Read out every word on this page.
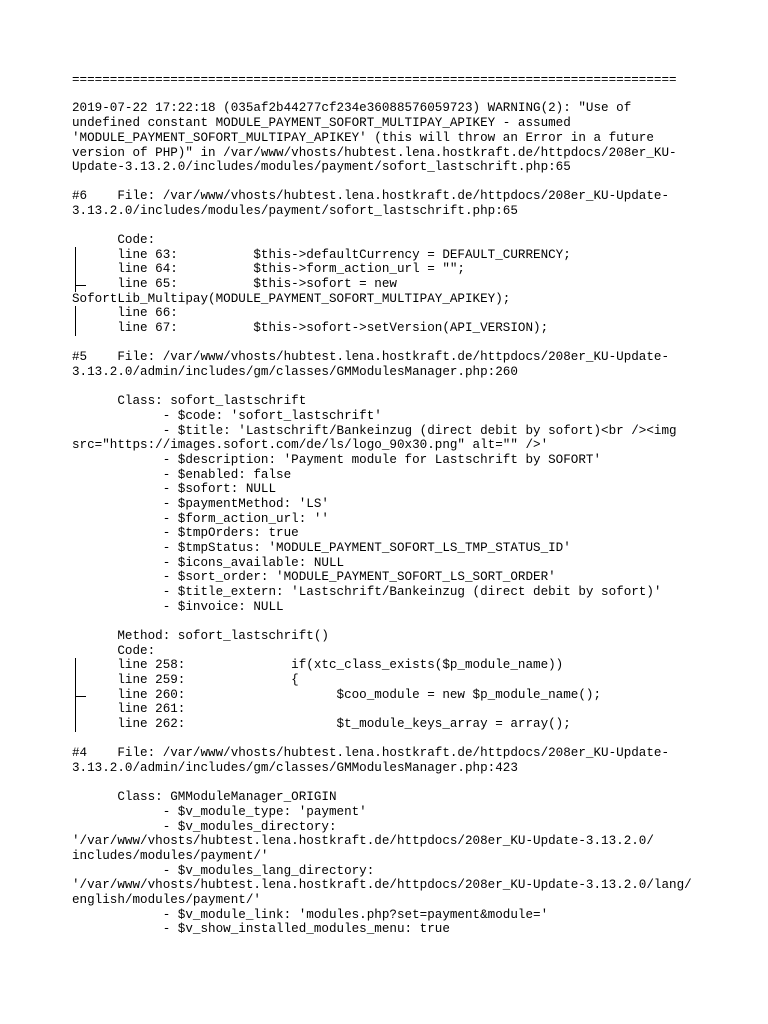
================================================================================
2019-07-22 17:22:18 (035af2b44277cf234e36088576059723) WARNING(2): "Use of
undefined constant MODULE_PAYMENT_SOFORT_MULTIPAY_APIKEY - assumed
'MODULE_PAYMENT_SOFORT_MULTIPAY_APIKEY' (this will throw an Error in a future
version of PHP)" in /var/www/vhosts/hubtest.lena.hostkraft.de/httpdocs/208er_KU-
Update-3.13.2.0/includes/modules/payment/sofort_lastschrift.php:65
#6    File: /var/www/vhosts/hubtest.lena.hostkraft.de/httpdocs/208er_KU-Update-
3.13.2.0/includes/modules/payment/sofort_lastschrift.php:65
Code:
line 63:          $this->defaultCurrency = DEFAULT_CURRENCY;
line 64:          $this->form_action_url = "";
line 65:          $this->sofort = new
SofortLib_Multipay(MODULE_PAYMENT_SOFORT_MULTIPAY_APIKEY);
line 66:
line 67:          $this->sofort->setVersion(API_VERSION);
#5    File: /var/www/vhosts/hubtest.lena.hostkraft.de/httpdocs/208er_KU-Update-
3.13.2.0/admin/includes/gm/classes/GMModulesManager.php:260
Class: sofort_lastschrift
- $code: 'sofort_lastschrift'
- $title: 'Lastschrift/Bankeinzug (direct debit by sofort)<br /><img
src="https://images.sofort.com/de/ls/logo_90x30.png" alt="" />'
- $description: 'Payment module for Lastschrift by SOFORT'
- $enabled: false
- $sofort: NULL
- $paymentMethod: 'LS'
- $form_action_url: ''
- $tmpOrders: true
- $tmpStatus: 'MODULE_PAYMENT_SOFORT_LS_TMP_STATUS_ID'
- $icons_available: NULL
- $sort_order: 'MODULE_PAYMENT_SOFORT_LS_SORT_ORDER'
- $title_extern: 'Lastschrift/Bankeinzug (direct debit by sofort)'
- $invoice: NULL
Method: sofort_lastschrift()
Code:
line 258:              if(xtc_class_exists($p_module_name))
line 259:              {
line 260:                    $coo_module = new $p_module_name();
line 261:
line 262:                    $t_module_keys_array = array();
#4    File: /var/www/vhosts/hubtest.lena.hostkraft.de/httpdocs/208er_KU-Update-
3.13.2.0/admin/includes/gm/classes/GMModulesManager.php:423
Class: GMModuleManager_ORIGIN
- $v_module_type: 'payment'
- $v_modules_directory:
'/var/www/vhosts/hubtest.lena.hostkraft.de/httpdocs/208er_KU-Update-3.13.2.0/
includes/modules/payment/'
- $v_modules_lang_directory:
'/var/www/vhosts/hubtest.lena.hostkraft.de/httpdocs/208er_KU-Update-3.13.2.0/lang/
english/modules/payment/'
- $v_module_link: 'modules.php?set=payment&module='
- $v_show_installed_modules_menu: true
